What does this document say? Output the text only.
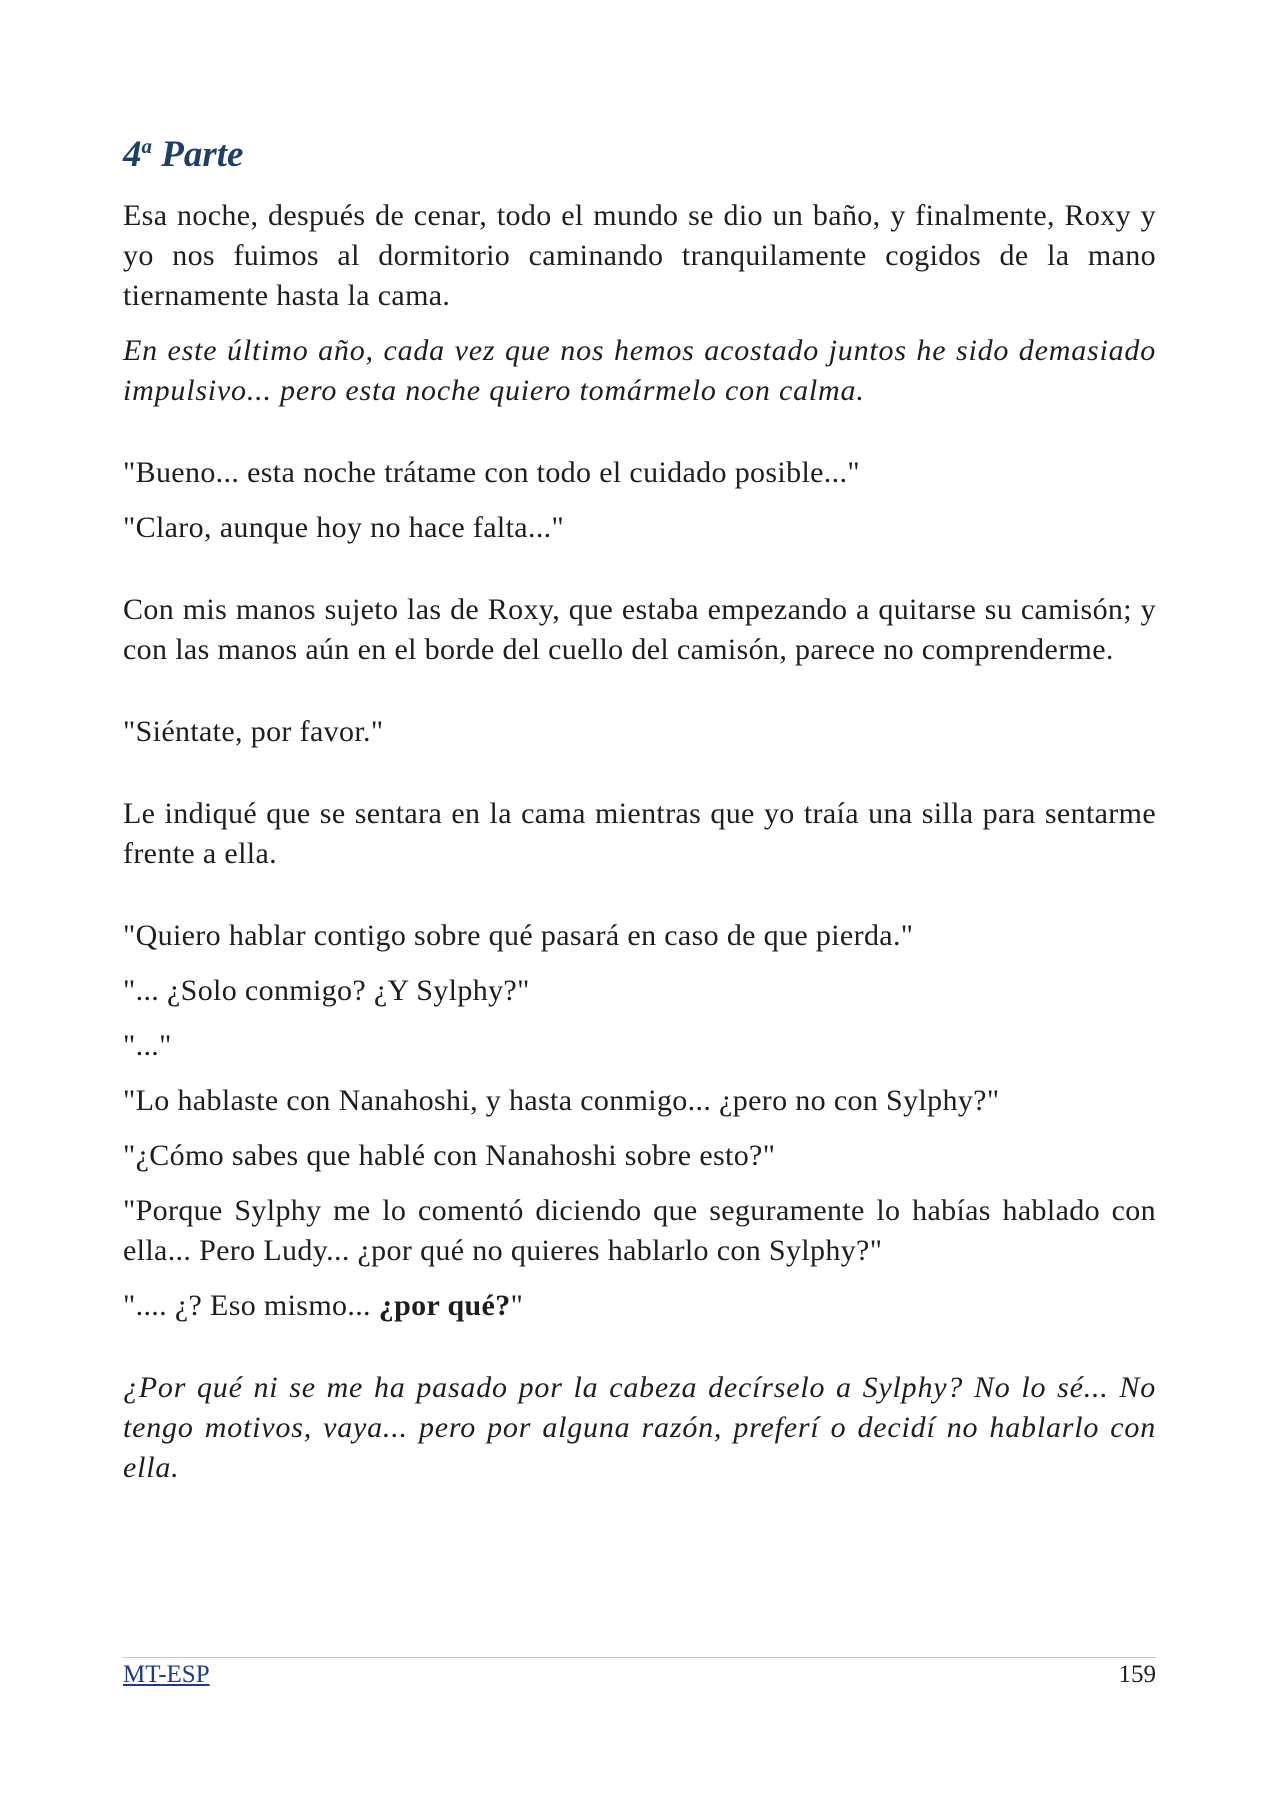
4$^a$ Parte

Esa noche, después de cenar, todo el mundo se dio un baño, y finalmente, Roxy y yo nos fuimos al dormitorio caminando tranquilamente cogidos de la mano tiernamente hasta la cama.

En este último año, cada vez que nos hemos acostado juntos he sido demasiado impulsivo... pero esta noche quiero tomármelo con calma.

"Bueno... esta noche trátame con todo el cuidado posible..."

"Claro, aunque hoy no hace falta..."

Con mis manos sujeto las de Roxy, que estaba empezando a quitarse su camisón; y con las manos aún en el borde del cuello del camisón, parece no comprenderme.

"Siéntate, por favor."

Le indiqué que se sentara en la cama mientras que yo traía una silla para sentarme frente a ella.

"Quiero hablar contigo sobre qué pasará en caso de que pierda."

"... ¿Solo conmigo? ¿Y Sylphy?"

"..."

"Lo hablaste con Nanahoshi, y hasta conmigo... ¿pero no con Sylphy?"

"¿Cómo sabes que hablé con Nanahoshi sobre esto?"

"Porque Sylphy me lo comentó diciendo que seguramente lo habías hablado con ella... Pero Ludy... ¿por qué no quieres hablarlo con Sylphy?"

".... ¿? Eso mismo... ¿por qué?"

¿Por qué ni se me ha pasado por la cabeza decírselo a Sylphy? No lo sé... No tengo motivos, vaya... pero por alguna razón, preferí o decidí no hablarlo con ella.

MT-ESP	159
